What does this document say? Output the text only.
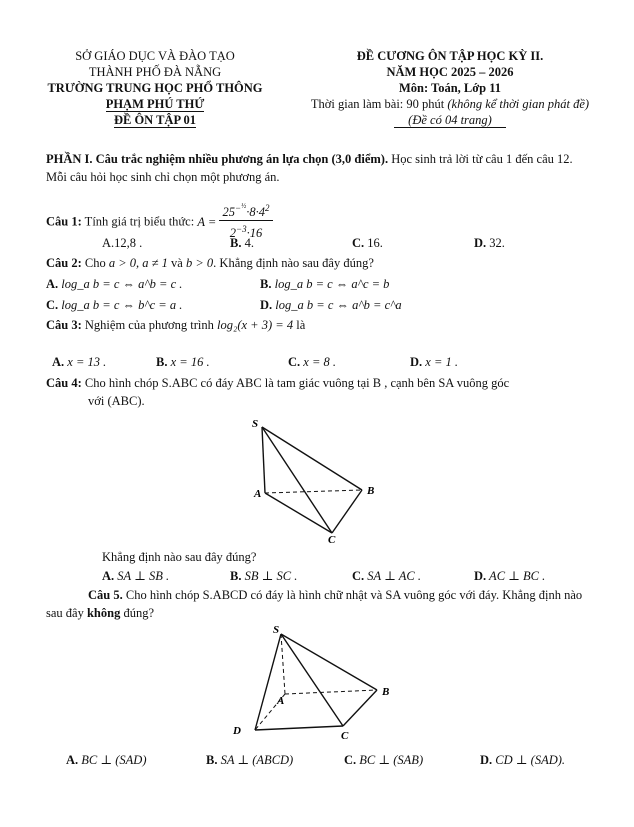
SỞ GIÁO DỤC VÀ ĐÀO TẠO
THÀNH PHỐ ĐÀ NẴNG
TRƯỜNG TRUNG HỌC PHỔ THÔNG
PHẠM PHÚ THỨ
ĐỀ ÔN TẬP 01
ĐỀ CƯƠNG ÔN TẬP HỌC KỲ II.
NĂM HỌC 2025 – 2026
Môn: Toán, Lớp 11
Thời gian làm bài: 90 phút (không kể thời gian phát đề)
(Đề có 04 trang)
PHẦN I. Câu trắc nghiệm nhiều phương án lựa chọn (3,0 điểm). Học sinh trả lời từ câu 1 đến câu 12.
Mỗi câu hỏi học sinh chỉ chọn một phương án.
Câu 1: Tính giá trị biểu thức: $A = \frac{25^{-\frac{1}{2}}\cdot 8\cdot 4^2}{2^{-3}\cdot 16}$
A.12,8 .	B. 4.	C. 16.	D. 32.
Câu 2: Cho a > 0, a ≠ 1 và b > 0. Khẳng định nào sau đây đúng?
A. log_a b = c ⇔ a^b = c .	B. log_a b = c ⇔ a^c = b
C. log_a b = c ⇔ b^c = a .	D. log_a b = c ⇔ a^b = c^a
Câu 3: Nghiệm của phương trình log₂(x + 3) = 4 là
A. x = 13 .	B. x = 16 .	C. x = 8 .	D. x = 1 .
Câu 4: Cho hình chóp S.ABC có đáy ABC là tam giác vuông tại B , cạnh bên SA vuông góc
với (ABC).
S
A	B
C
Khẳng định nào sau đây đúng?
A. SA ⊥ SB .	B. SB ⊥ SC .	C. SA ⊥ AC .	D. AC ⊥ BC .
Câu 5. Cho hình chóp S.ABCD có đáy là hình chữ nhật và SA vuông góc với đáy. Khẳng định nào
sau đây không đúng?
S
A
B
C
D
A. BC ⊥ (SAD)	B. SA ⊥ (ABCD)	C. BC ⊥ (SAB)	D. CD ⊥ (SAD).
